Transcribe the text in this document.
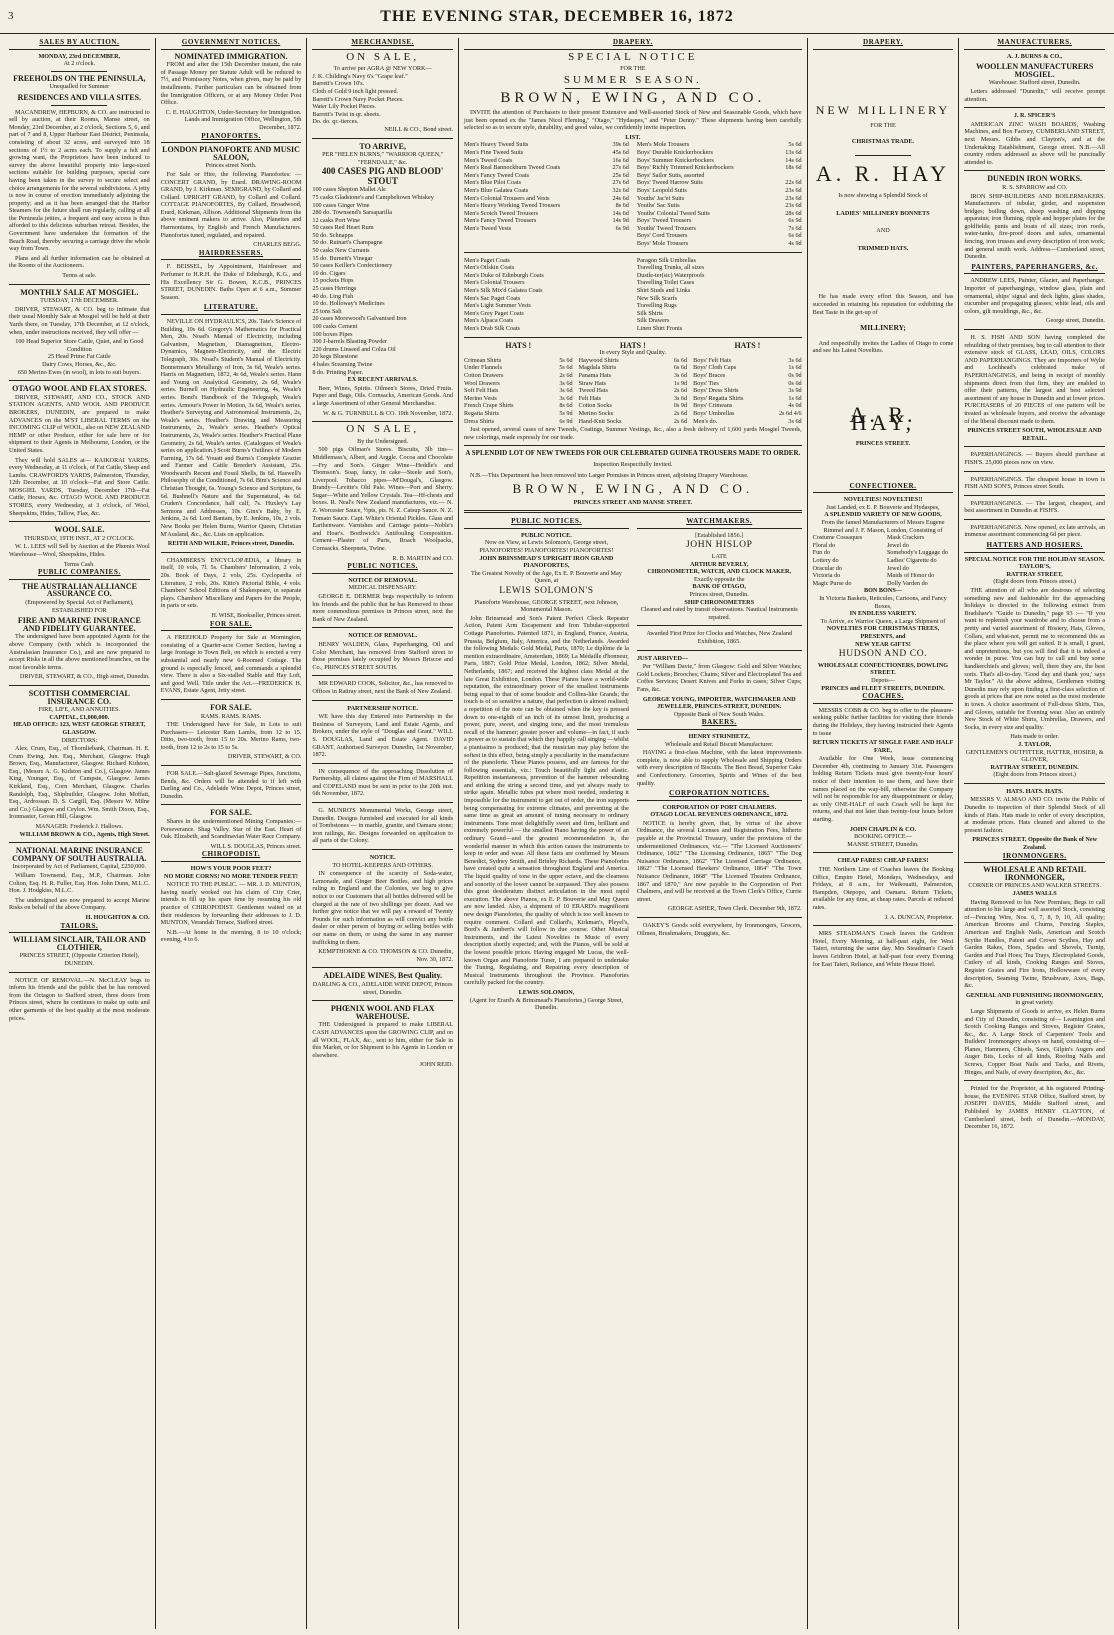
3	THE EVENING STAR, DECEMBER 16, 1872
SALES BY AUCTION.
MONDAY, 23rd DECEMBER,
At 2 o'clock.
FREEHOLDS ON THE PENINSULA,
Unequalled for Summer
RESIDENCES AND VILLA SITES.
MACANDREW, HEPBURN, & CO. are instructed to sell by auction, at their Rooms, Manse street, on Monday, 23rd December, at 2 o'clock, Sections 5, 6, and part of 7 and 8, Upper Harbour East District, Peninsula, consisting of about 32 acres, and surveyed into 18 sections of 1½ to 2 acres each. To supply a felt and growing want, the Proprietors have been induced to survey the above beautiful property into large-sized sections suitable for building purposes, special care having been taken in the survey to secure select and choice arrangements for the several subdivisions. A jetty is now in course of erection immediately adjoining the property; and as it has been arranged that the Harbor Steamers for the future shall run regularly, calling at all the Peninsula jetties, a frequent and easy access is thus afforded to this delicious suburban retreat. Besides, the Government have undertaken the formation of the Beach Road, thereby securing a carriage drive the whole way from Town.
Plans and all further information can be obtained at the Rooms of the Auctioneers.
Terms at sale.
MONTHLY SALE AT MOSGIEL.
TUESDAY, 17th DECEMBER.
DRIVER, STEWART, & CO. beg to intimate that their usual Monthly Sale at Mosgiel will be held at their Yards there, on Tuesday, 17th December, at 12 o'clock, when, under instructions received, they will offer —
100 Head Superior Store Cattle, Quiet, and in Good Condition
25 Head Prime Fat Cattle
Dairy Cows, Horses, &c., &c.
650 Merino Ewes (in wool), in lots to suit buyers.
OTAGO WOOL AND FLAX STORES.
DRIVER, STEWART, AND CO., STOCK AND STATION AGENTS, AND WOOL AND PRODUCE BROKERS, DUNEDIN, are prepared to make ADVANCES on the M'ST LIBERAL TERMS on the INCOMING CLIP of WOOL, also on NEW ZEALAND HEMP or other Produce, either for sale here or for shipment to their Agents in Melbourne, London, or the United States.
They will hold SALES at— KAIKORAI YARDS, every Wednesday, at 11 o'clock, of Fat Cattle, Sheep and Lambs. CRAWFORD'S YARDS, Palmerston, Thursday, 12th December, at 10 o'clock—Fat and Store Cattle. MOSGIEL YARDS, Tuesday, December 17th—Fat Cattle, Horses, &c. OTAGO WOOL AND PRODUCE STORES, every Wednesday, at 3 o'clock, of Wool, Sheepskins, Hides, Tallow, Flax, &c.
WOOL SALE.
THURSDAY, 19TH INST., AT 2 O'CLOCK.
W. L. LEES will Sell by Auction at the Phœnix Wool Warehouse—Wool, Sheepskins, Hides.
Terms Cash.
PUBLIC COMPANIES.
THE AUSTRALIAN ALLIANCE ASSURANCE CO.
(Empowered by Special Act of Parliament),
ESTABLISHED FOR
FIRE AND MARINE INSURANCE AND FIDELITY GUARANTEE.
The undersigned have been appointed Agents for the above Company (with which is incorporated the Australasian Insurance Co.), and are now prepared to accept Risks in all the above mentioned branches, on the most favorable terms.
DRIVER, STEWART, & CO., High street, Dunedin.
SCOTTISH COMMERCIAL INSURANCE CO.
FIRE, LIFE, AND ANNUITIES.
CAPITAL, £1,000,000.
HEAD OFFICE: 123, WEST GEORGE STREET, GLASGOW.
DIRECTORS:
Alex. Crum, Esq., of Thornliebank, Chairman. H. E. Crum Ewing, Jun. Esq., Merchant, Glasgow. Hugh Brown, Esq., Manufacturer, Glasgow. Richard Kidston, Esq., (Messrs A. G. Kidston and Co.), Glasgow. James King, Younger, Esq., of Campsie, Glasgow. James Kirkland, Esq., Corn Merchant, Glasgow. Charles Randolph, Esq., Shipbuilder, Glasgow. John Moffatt, Esq., Ardrossan. D. S. Cargill, Esq. (Messrs W. Milne and Co.) Glasgow and Ceylon. Wm. Smith Dixon, Esq., Ironmaster, Govan Hill, Glasgow.
MANAGER: Frederick J. Hallows.
WILLIAM BROWN & CO., Agents, High Street.
NATIONAL MARINE INSURANCE COMPANY OF SOUTH AUSTRALIA.
Incorporated by Act of Parliament, Capital, £250,000.
William Townsend, Esq., M.P., Chairman. John Colton, Esq. H. R. Fuller, Esq. Hon. John Dunn, M.L.C. Hon. J. Hodgkiss, M.L.C.
The undersigned are now prepared to accept Marine Risks on behalf of the above Company.
H. HOUGHTON & CO.
TAILORS.
WILLIAM SINCLAIR, TAILOR AND CLOTHIER,
PRINCES STREET, (Opposite Criterion Hotel), DUNEDIN.
NOTICE OF REMOVAL.—N. McCLEAY begs to inform his friends and the public that he has removed from the Octagon to Stafford street, three doors from Princes street, where he continues to make up suits and other garments of the best quality at the most moderate prices.
GOVERNMENT NOTICES.
NOMINATED IMMIGRATION.
FROM and after the 15th December instant, the rate of Passage Money per Statute Adult will be reduced to 7½, and Promissory Notes, when given, may be paid by installments. Further particulars can be obtained from the Immigration Officers, or at any Money Order Post Office.
C. E. HAUGHTON, Under-Secretary for Immigration. Lands and Immigration Office, Wellington, 5th December, 1872.
PIANOFORTES.
LONDON PIANOFORTE AND MUSIC SALOON,
Princes street North.
For Sale or Hire, the following Pianofortes: — CONCERT GRAND, by Erard. DRAWING-ROOM GRAND, by J. Kirkman. SEMIGRAND, by Collard and Collard. UPRIGHT GRAND, by Collard and Collard. COTTAGE PIANOFORTES, By Collard, Broadwood, Erard, Kirkman, Allison. Additional Shipments from the above eminent makers to arrive. Also, Planettes and Harmoniums, by English and French Manufacturers. Pianofortes tuned, regulated, and repaired.
CHARLES BEGG.
HAIRDRESSERS.
F. BEISSEL, by Appointment, Hairdresser and Perfumer to H.R.H. the Duke of Edinburgh, K.G., and His Excellency Sir G. Bowen, K.C.B., PRINCES STREET, DUNEDIN. Baths Open at 6 a.m., Summer Season.
LITERATURE.
NEVILLE ON HYDRAULICS, 20s. Tate's Science of Building, 10s 6d. Gregory's Mathematics for Practical Men, 20s. Noad's Manual of Electricity, including Galvanism, Magnetism, Diamagnetism, Electro-Dynamics, Magneto-Electricity, and the Electric Telegraph, 30s. Noad's Student's Manual of Electricity. Bonnerman's Metallurgy of Iron, 3s 6d, Weale's series. Harris on Magnetism, 1872, 4s 6d, Weale's series. Hann and Young on Analytical Geometry, 2s 6d, Weale's series. Burnell on Hydraulic Engineering, 4s, Weale's series. Bond's Handbook of the Telegraph, Weale's series. Armour's Power in Motion, 3s 6d, Weale's series. Heather's Surveying and Astronomical Instruments, 2s, Weale's series. Heather's Drawing and Measuring Instruments, 2s, Weale's series. Heather's Optical Instruments, 2s, Weale's series. Heather's Practical Plane Geometry, 2s 6d, Weale's series. (Catalogues of Weale's series on application.) Scott Burns's Outlines of Modern Farming, 17s 6d. Youatt and Burns's Complete Grazier and Farmer and Cattle Breeder's Assistant, 25s. Woodward's Recent and Fossil Shells, 8s 6d. Haswell's Philosophy of the Conditioned, 7s 6d. Bim's Science and Christian Thought, 6s. Young's Science and Scripture, 6s 6d. Bushnell's Nature and the Supernatural, 4s 6d. Cruden's Concordance, half calf, 7s. Huxley's Lay Sermons and Addresses, 10s. Ginx's Baby, by E. Jenkins, 2s 6d. Lord Bantam, by E. Jenkins, 10s, 2 vols. New Books per Helen Burns, Warrior Queen, Christian M'Ausland, &c., &c. Lists on application.
REITH AND WILKIE, Princes street, Dunedin.
CHAMBERS'S ENCYCLOPÆDIA, a library in itself, 10 vols, 7l. 5s. Chambers' Information, 2 vols, 20s. Book of Days, 2 vols, 25s. Cyclopædia of Literature, 2 vols, 20s. Kitto's Pictorial Bible, 4 vols. Chambers' School Editions of Shakespeare, in separate plays. Chambers' Miscellany and Papers for the People, in parts or sets.
H. WISE, Bookseller, Princes street.
FOR SALE.
A FREEHOLD Property for Sale at Mornington, consisting of a Quarter-acre Corner Section, having a large frontage to Town Belt, on which is erected a very substantial and nearly new 6-Roomed Cottage. The ground is especially fenced, and commands a splendid view. There is also a Six-stalled Stable and Hay Loft, and good Well. Title under the Act.—FREDERICK H. EVANS, Estate Agent, Jetty street.
FOR SALE.
RAMS. RAMS. RAMS.
THE Undersigned have for Sale, in Lots to suit Purchasers— Leicester Ram Lambs, from 12 to 15. Ditto, two-tooth, from 15 to 20s. Merino Rams, two-tooth, from 12 to 2s to 15 to 5s.
DRIVER, STEWART, & CO.
FOR SALE.—Salt-glazed Sewerage Pipes, Junctions, Bends, &c. Orders will be attended to if left with Darling and Co., Adelaide Wine Depot, Princes street, Dunedin.
FOR SALE.
Shares in the undermentioned Mining Companies:— Perseverance. Shag Valley. Star of the East. Heart of Oak. Elizabeth, and Scandinavian Water Race Company.
WILL S. DOUGLAS, Princes street.
CHIROPODIST.
HOW'S YOUR POOR FEET?
NO MORE CORNS! NO MORE TENDER FEET!
NOTICE TO THE PUBLIC. — MR. J. D. MUNTON, having nearly worked out his claim of City Crier, intends to fill up his spare time by resuming his old practice of CHIROPODIST. Gentlemen waited on at their residences by forwarding their addresses to J. D. MUNTON, Verandah Terrace, Stafford street.
N.B.—At home in the morning, 8 to 10 o'clock; evening, 4 to 6.
MERCHANDISE.
ON SALE,
To arrive per AGRA @ NEW YORK—
J. K. Childing's Navy 6's "Grape leaf."
Barrett's Crown 10's.
Cloth of Gold 9 inch light pressed.
Barrett's Crown Navy Pocket Pieces.
Water Lily Pocket Pieces.
Barrett's Twist in qr. sheets.
Do. do. qr.-tierces.
NEILL & CO., Bond street.
TO ARRIVE,
PER "HELEN BURNS," "WARRIOR QUEEN," "FERNDALE," &c.
400 CASES PIG AND BLOOD' STOUT
100 cases Shepton Mallet Ale
75 casks Gladstone's and Campbeltown Whiskey
100 cases Ginger Wine
280 do. Townsend's Sarsaparilla
12 casks Port Wine
50 cases Red Heart Rum
50 do. Schnapps
50 do. Ruinart's Champagne
50 casks New Currants
15 do. Burnett's Vinegar
50 cases Keiller's Confectionery
10 do. Cigars
15 pockets Hops
25 cases Herrings
40 do. Ling Fish
10 do. Holloway's Medicines
25 tons Salt
20 cases Morewood's Galvanised Iron
100 casks Cement
100 boxes Pipes
300 J-barrels Blasting Powder
220 drums Linseed and Colza Oil
20 kegs Bluestone
4 bales Sceaming Twine
8 do. Printing Paper.
EX RECENT ARRIVALS.
Beer, Wines, Spirits. Oilmen's Stores, Dried Fruits. Paper and Bags, Oils. Cornsacks, American Goods. And a large Assortment of other General Merchandise.
W. & G. TURNBULL & CO. 19th November, 1872.
ON SALE,
By the Undersigned.
500 pigs Oilman's Stores. Biscuits, 3lb tins—Middlemass's, Albert, and Arggle. Cocoa and Chocolate—Fry and Son's. Ginger Wine—Heddle's and Thomson's. Soap, fancy, in cake—Steele and Son's, Liverpool. Tobacco pipes—M'Dougal's, Glasgow. Brandy—Levitte's Old Pale. Wines—Port and Sherry. Sugar—White and Yellow Crystals. Tea—Hf-chests and boxes. R. Neal's New Zealand manufactures, viz.— N. Z. Worcester Sauce, ½pts, pts. N. Z. Catsup Sauce. N. Z. Tomato Sauce. Capt. White's Oriental Pickles. Glass and Earthenware. Varnishes and Carriage paints—Noble's and Hoar's. Borthwick's Antifouling Composition. Cement—Plaster of Paris, Roach Woolpacks, Cornsacks. Sheepnets, Twine.
R. B. MARTIN and CO.
PUBLIC NOTICES.
NOTICE OF REMOVAL.
MEDICAL DISPENSARY.
GEORGE E. DERMER begs respectfully to inform his friends and the public that he has Removed to those more commodious premises in Princes street, next the Bank of New Zealand.
NOTICE OF REMOVAL.
HENRY WALDEN, Glass, Paperhanging, Oil and Color Merchant, has removed from Stafford street to those premises lately occupied by Messrs Briscoe and Co., PRINCES STREET SOUTH.
MR EDWARD COOK, Solicitor, &c., has removed to Offices in Rattray street, next the Bank of New Zealand.
PARTNERSHIP NOTICE.
WE have this day Entered into Partnership in the Business of Surveyors, Land and Estate Agents, and Brokers, under the style of "Douglas and Grant." WILL S. DOUGLAS, Land and Estate Agent. DAVID GRANT, Authorised Surveyor. Dunedin, 1st November, 1872.
IN consequence of the approaching Dissolution of Partnership, all claims against the Firm of MARSHALL and COPELAND must be sent in prior to the 20th inst. 6th November, 1872.
G. MUNRO'S Monumental Works, George street, Dunedin. Designs furnished and executed for all kinds of Tombstones — in marble, granite, and Oamaru stone; iron railings, &c. Designs forwarded on application to all parts of the Colony.
NOTICE.
TO HOTEL-KEEPERS AND OTHERS.
IN consequence of the scarcity of Soda-water, Lemonade, and Ginger Beer Bottles, and high prices ruling in England and the Colonies, we beg to give notice to our Customers that all bottles delivered will be charged at the rate of two shillings per dozen. And we further give notice that we will pay a reward of Twenty Pounds for such information as will convict any bottle dealer or other person of buying or selling bottles with our name on them, or using the same in any manner trafficking in them.
KEMPTHORNE & CO. THOMSON & CO. Dunedin, Nov. 30, 1872.
ADELAIDE WINES, Best Quality.
DARLING & CO., ADELAIDE WINE DEPOT, Princes street, Dunedin.
PHŒNIX WOOL AND FLAX WAREHOUSE.
THE Undersigned is prepared to make LIBERAL CASH ADVANCES upon the GROWING CLIP, and on all WOOL, FLAX, &c., sent to him, either for Sale in this Market, or for Shipment to his Agents in London or elsewhere.
JOHN REID.
DRAPERY.
SPECIAL NOTICE
FOR THE
SUMMER SEASON.
BROWN, EWING, AND CO.
INVITE the attention of Purchasers to their present Extensive and Well-assorted Stock of New and Seasonable Goods, which have just been opened ex the "James Nicol Fleming," "Otago," "Hydaspes," and "Peter Denny." These shipments having been carefully selected so as to secure style, durability, and good value, we confidently invite inspection.
LIST.
Men's Heavy Tweed Suits	39s 6d
Men's Fine Tweed Suits	45s 6d
Men's Tweed Coats	16s 6d
Men's Real Bannockburn Tweed Coats	27s 6d
Men's Fancy Tweed Coats	25s 6d
Men's Blue Pilot Coats	27s 6d
Men's Blue Galatea Coats	32s 6d
Men's Colonial Trousers and Vests	24s 6d
Men's Heavy Working Tweed Trousers	8s 6d
Men's Scotch Tweed Trousers	14s 6d
Men's Fancy Tweed Trousers	14s 9d
Men's Tweed Vests	6s 9d
Men's Mole Trousers	5s 6d
Boys' Durable Knickerbockers	13s 6d
Boys' Summer Knickerbockers	14s 6d
Boys' Richly Trimmed Knickerbockers	18s 6d
Boys' Sailor Suits, assorted
Boys' Tweed Harrow Suits	22s 6d
Boys' Leopold Suits	23s 6d
Youths' Jac'et Suits	23s 6d
Youths' Sac Suits	23s 6d
Youths' Colonial Tweed Suits	28s 6d
Boys' Tweed Trousers	6s 9d
Youths' Tweed Trousers	7s 6d
Boys' Cord Trousers	6s 6d
Boys' Mole Trousers	4s 9d
Men's Paget Coats
Men's Oilskin Coats
Men's Duke of Edinburgh Coats
Men's Colonial Trousers
Men's Silk Mix'd Galatea Coats
Men's Sac Paget Coats
Men's Light Summer Vests
Men's Grey Paget Coats
Men's Alpaca Coats
Men's Drab Silk Coats
Paragon Silk Umbrellas
Travelling Trunks, all sizes
Dustle-ter(sic) Waterproofs
Travelling Toilet Cases
Shirt Studs and Links
New Silk Scarfs
Travelling Rugs
Silk Shirts
Silk Drawers
Linen Shirt Fronts
HATS !	HATS !	HATS !
In every Style and Quality.
Crimean Shirts	5s 6d
Under Flannels	5s 6d
Cotton Drawers	2s 6d
Wool Drawers	3s 6d
Soft Felt Hats	3s 6d
Merino Vests	3s 6d
French Crape Shirts	8s 6d
Regatta Shirts	5s 9d
Dress Shirts	6s 9d
Haywood Shirts	6s 6d
Magdala Shirts	6s 6d
Panama Hats	3s 6d
Straw Hats	1s 9d
Tweed Hats	2s 6d
Felt Hats	3s 6d
Cotton Socks	0s 9d
Merino Socks	2s 6d
Hand-Knit Socks	2s 6d
Boys' Felt Hats	3s 6d
Boys' Cloth Caps	1s 6d
Boys' Braces	0s 9d
Boys' Ties	0s 6d
Boys' Dress Shirts	3s 9d
Boys' Regatta Shirts	1s 6d
Boys' Crimeans	4s 0d
Boys' Umbrellas	2s 6d 4/6
Men's do.	3s 6d
Just opened, several cases of new Tweeds, Coatings, Summer Vestings, &c., also a fresh delivery of 1,600 yards Mosgiel Tweeds, new colorings, made expressly for our trade.
A SPLENDID LOT OF NEW TWEEDS FOR OUR CELEBRATED GUINEA TROUSERS MADE TO ORDER.
Inspection Respectfully Invited.
N.B.—This Department has been removed into Larger Premises in Princes street, adjoining Drapery Warehouse.
BROWN, EWING, AND CO.
PRINCES STREET AND MANSE STREET.
PUBLIC NOTICES.
PUBLIC NOTICE.
Now on View, at Lewis Solomon's, George street, PIANOFORTES! PIANOFORTES! PIANOFORTES!
JOHN BRINSMEAD'S UPRIGHT IRON GRAND PIANOFORTES,
The Greatest Novelty of the Age, Ex E. P. Bouverie and May Queen, at
LEWIS SOLOMON'S
Pianoforte Warehouse, GEORGE STREET, next Johnson, Monumental Mason.
John Brinsmead and Son's Patent Perfect Check Repeater Action, Patent Arm Escapement and Iron Tubular-supported Cottage Pianofortes. Patented 1871, in England, France, Austria, Prussia, Belgium, Italy, America, and the Netherlands. Awarded the following Medals: Gold Medal, Paris, 1870; Le diplôme de la mention extraordinaire, Amsterdam, 1869; La Médaille d'honneur, Paris, 1867; Gold Prize Medal, London, 1862; Silver Medal, Netherlands, 1867; and received the highest class Medal at the late Great Exhibition, London. These Pianos have a world-wide reputation, the extraordinary power of the smallest instruments being equal to that of some boudoir and Collins-like Grands; the touch is of so sensitive a nature, that perfection is almost realised; a repetition of the note can be obtained when the key is pressed down to one-eighth of an inch of its utmost limit, producing a power, pure, sweet, and singing tone, and the most tremulous recall of the hammer; greater power and volume—in fact, if such a power as to sustain that which they happily call singing —whilst a pianissimo is produced; that the musician may play before the softest in this effect, being simply a peculiarity in the manufacture of the pianoforte. These Pianos possess, and are famous for the following essentials, viz.: Touch beautifully light and elastic. Repetition instantaneous, prevention of the hammer rebounding and striking the string a second time, and yet always ready to strike again. Metallic tubes put where most needed, rendering it impossible for the instrument to get out of order, the iron supports being compensating for extreme climates, and preventing at the same time as great an amount of tuning necessary to ordinary instruments. Tone most delightfully sweet and firm, brilliant and extremely powerful — the smallest Piano having the power of an ordinary Grand—and the greatest recommendation is, the wonderful manner in which this action causes the instruments to keep in order and wear. All these facts are confirmed by Messrs Benedict, Sydney Smith, and Brinley Richards. These Pianofortes have created quite a sensation throughout England and America. The liquid quality of tone in the upper octave, and the clearness and sonority of the lower cannot be surpassed. They also possess this great desideratum distinct articulation in the most rapid execution. The above Pianos, ex E. P. Bouverie and May Queen are now landed. Also, a shipment of 10 ERARD's magnificent new design Pianofortes, the quality of which is too well known to require comment. Collard and Collard's, Kirkman's, Pleyel's, Bord's & Jambert's will follow in due course. Other Musical Instruments, and the Latest Novelties in Music of every description shortly expected; and, with the Pianos, will be sold at the lowest possible prices. Having engaged Mr Lucas, the well-known Organ and Pianoforte Tuner, I am prepared to undertake the Tuning, Regulating, and Repairing every description of Musical Instruments throughout the Province. Pianofortes carefully packed for the country.
LEWIS SOLOMON,
(Agent for Erard's & Brinsmead's Pianofortes,) George Street, Dunedin.
WATCHMAKERS.
[Established 1856.]
JOHN HISLOP
LATE
ARTHUR BEVERLY,
CHRONOMETER, WATCH, AND CLOCK MAKER,
Exactly opposite the
BANK OF OTAGO,
Princes street, Dunedin.
SHIP CHRONOMETERS
Cleaned and rated by transit observations. Nautical Instruments repaired.
Awarded First Prize for Clocks and Watches, New Zealand Exhibition, 1865.
JUST ARRIVED—
Per "William Davie," from Glasgow: Gold and Silver Watches; Gold Lockets; Brooches; Chains; Silver and Electroplated Tea and Coffee Services; Desert Knives and Forks in cases; Silver Cups; Fans, &c.
GEORGE YOUNG, IMPORTER, WATCHMAKER AND JEWELLER, PRINCES-STREET, DUNEDIN.
Opposite Bank of New South Wales.
BAKERS.
HENRY STRINHETZ,
Wholesale and Retail Biscuit Manufacturer.
HAVING a first-class Machine, with the latest improvements complete, is now able to supply Wholesale and Shipping Orders with every description of Biscuits. The Best Bread, Superior Cake and Confectionery. Groceries, Spirits and Wines of the best quality.
CORPORATION NOTICES.
CORPORATION OF PORT CHALMERS.
OTAGO LOCAL REVENUES ORDINANCE, 1872.
NOTICE is hereby given, that, by virtue of the above Ordinance, the several Licenses and Registration Fees, hitherto payable at the Provincial Treasury, under the provisions of the undermentioned Ordinances, viz.— "The Licensed Auctioneers' Ordinance, 1862" "The Licensing Ordinance, 1865" "The Dog Nuisance Ordinance, 1862" "The Licensed Carriage Ordinance, 1862" "The Licensed Hawkers' Ordinance, 1864" "The Town Nuisance Ordinance, 1868" "The Licensed Theatres Ordinance, 1867 and 1870," Are now payable to the Corporation of Port Chalmers, and will be received at the Town Clerk's Office, Currie street.
GEORGE ASHER, Town Clerk. December 9th, 1872.
OAKEY'S Goods sold everywhere, by Ironmongers, Grocers, Oilmen, Brushmakers, Druggists, &c.
DRAPERY.
NEW MILLINERY
FOR THE
CHRISTMAS TRADE.
A. R. HAY
Is now showing a Splendid Stock of
LADIES' MILLINERY BONNETS
AND
TRIMMED HATS.
He has made every effort this Season, and has succeeded in retaining his reputation for exhibiting the Best Taste in the get-up of
MILLINERY;
And respectfully invites the Ladies of Otago to come and see his Latest Novelties.
A. R. HAY,
PRINCES STREET.
CONFECTIONER.
NOVELTIES! NOVELTIES!!
Just Landed, ex E. P. Bouverie and Hydaspes,
A SPLENDID VARIETY OF NEW GOODS,
From the famed Manufacturers of Messrs Eugene Rimmel and J. F. Mason, London, Consisting of
Costume Cossaques
Floral do
Fun do
Lottery do
Oracular do
Victoria do
Magic Purse do
Mask Crackers
Jewel do
Somebody's Luggage do
Ladies' Cigarette do
Jewel do
Maids of Honor do
Dolly Varden do
BON BONS—
In Victoria Baskets, Reticules, Cartoons, and Fancy Boxes,
IN ENDLESS VARIETY.
To Arrive, ex Warrior Queen, a Large Shipment of
NOVELTIES FOR CHRISTMAS TREES, PRESENTS, and
NEW YEAR GIFTS!
HUDSON AND CO.
WHOLESALE CONFECTIONERS, DOWLING STREET.
Depots—
PRINCES and FLEET STREETS, DUNEDIN.
COACHES.
MESSRS COBB & CO. beg to offer to the pleasure-seeking public further facilities for visiting their friends during the Holidays, they having instructed their Agents to issue
RETURN TICKETS AT SINGLE FARE AND HALF FARE,
Available for One Week, issue commencing December 4th, continuing to January 31st. Passengers holding Return Tickets must give twenty-four hours' notice of their intention to use them, and have their names placed on the way-bill, otherwise the Company will not be responsible for any disappointment or delay, as only ONE-HALF of each Coach will be kept for returns, and that not later than twenty-four hours before starting.
JOHN CHAPLIN & CO.
BOOKING OFFICE—
MANSE STREET, Dunedin.
CHEAP FARES! CHEAP FARES!
THE Northern Line of Coaches leaves the Booking Office, Empire Hotel, Mondays, Wednesdays, and Fridays, at 8 a.m., for Waikouaiti, Palmerston, Hampden, Otepopo, and Oamaru. Return Tickets, available for any time, at cheap rates. Parcels at reduced rates.
J. A. DUNCAN, Proprietor.
MRS STEADMAN'S Coach leaves the Gridiron Hotel, Every Morning, at half-past eight, for West Taieri, returning the same day. Mrs Steadman's Coach leaves Gridiron Hotel, at half-past four every Evening for East Taieri, Reliance, and White House Hotel.
MANUFACTURERS.
A. J. BURNS & CO.,
WOOLLEN MANUFACTURERS MOSGIEL.
Warehouse: Stafford street, Dunedin.
Letters addressed "Dunedin," will receive prompt attention.
J. R. SPICER'S
AMERICAN ZINC WASH BOARDS, Washing Machines, and Box Factory, CUMBERLAND STREET, next Messrs. Gibbs and Clayton's, and at the Undertaking Establishment, George street. N.B.—All country orders addressed as above will be punctually attended to.
DUNEDIN IRON WORKS.
R. S. SPARROW and CO.
IRON SHIP-BUILDERS AND BOILERMAKERS. Manufacturers of tubular, girder, and suspension bridges; boiling down, sheep washing and dipping apparatus; iron fluming, ripple and hopper plates for the goldfields; punts and boats of all sizes; iron roofs, water-tanks, fire-proof doors and safes, ornamental fencing, iron trusses and every description of iron work; and general smith work. Address—Cumberland street, Dunedin.
PAINTERS, PAPERHANGERS, &c.
ANDREW LEES, Painter, Glazier, and Paperhanger. Importer of paperhangings, window glass, plain and ornamental, ships' signal and deck lights, glass shades, cucumber and propagating glasses; white lead, oils and colors, gilt mouldings, &c., &c.
George street, Dunedin.
H. S. FISH AND SON having completed the rebuilding of their premises, beg to call attention to their extensive stock of GLASS, LEAD, OILS, COLORS AND PAPERHANGINGS. They are Importers of Wylie and Lochhead's celebrated make of PAPERHANGINGS, and being in receipt of monthly shipments direct from that firm, they are enabled to offer their patterns, the largest and best selected assortment of any house in Dunedin and at lower prices. PURCHASERS of 20 PIECES of one pattern will be treated as wholesale buyers, and receive the advantage of the liberal discount made to them.
PRINCES STREET SOUTH, WHOLESALE AND RETAIL.
PAPERHANGINGS. — Buyers should purchase at FISH'S. 25,000 pieces now on view.
PAPERHANGINGS. The cheapest house in town is FISH AND SON'S, Princes street South.
PAPERHANGINGS. — The largest, cheapest, and best assortment in Dunedin at FISH'S.
PAPERHANGINGS. Now opened, ex late arrivals, an immense assortment commencing 6d per piece.
HATTERS AND HOSIERS.
SPECIAL NOTICE FOR THE HOLIDAY SEASON.
TAYLOR'S,
RATTRAY STREET,
(Eight doors from Princes street.)
THE attention of all who are desirous of selecting something new and fashionable for the approaching holidays is directed to the following extract from Bradshaw's "Guide to Dunedin," page 93 :— "If you want to replenish your wardrobe and to choose from a pretty and varied assortment of Hosiery, Hats, Gloves, Collars, and what-not, permit me to recommend this as the place where you will get suited. It is small, I grant, and unpretentious, but you will find that it is indeed a wonder in purse. You can buy to call and buy some handkerchiefs and gloves; well, there they are, the best sorts. That's all-to-day. 'Good day and thank you,' says Mr Taylor." At the above address, Gentlemen visiting Dunedin may rely upon finding a first-class selection of goods at prices that are now noted as the most moderate in town. A choice assortment of Full-dress Shirts, Ties, and Gloves, suitable for Evening wear. Also an entirely New Stock of White Shirts, Umbrellas, Drawers, and Socks, in every size and quality.
Hats made to order.
J. TAYLOR,
GENTLEMEN'S OUTFITTER, HATTER, HOSIER, & GLOVER,
RATTRAY STREET, DUNEDIN.
(Eight doors from Princes street.)
HATS. HATS. HATS.
MESSRS V. ALMAO AND CO. invite the Public of Dunedin to inspection of their Splendid Stock of all kinds of Hats. Hats made to order of every description, at moderate prices. Hats cleaned and altered to the present fashion.
PRINCES STREET, Opposite the Bank of New Zealand.
IRONMONGERS.
WHOLESALE AND RETAIL IRONMONGER,
CORNER OF PRINCES AND WALKER STREETS.
JAMES WALLS
Having Removed to his New Premises, Begs to call attention to his large and well assorted Stock, consisting of—Fencing Wire, Nos. 6, 7, 8, 9, 10, All quality; American Brooms and Churns, Fencing Staples, American and English Nails, American and Scotch Scythe Handles, Patent and Crown Scythes, Hay and Garden Rakes, Hoes, Spades and Shovels, Turnip, Garden and Fuel Hoes; Tea Trays, Electroplated Goods, Cutlery of all kinds, Cooking Ranges and Stoves, Register Grates and Fire Irons, Hollowware of every description, Seaming Twine, Brushware, Axes, Bags, &c.
GENERAL AND FURNISHING IRONMONGERY,
in great variety.
Large Shipments of Goods to arrive, ex Helen Burns and City of Dunedin, consisting of— Leamington and Scotch Cooking Ranges and Stoves, Register Grates, &c., &c. A Large Stock of Carpenters' Tools and Builders' Ironmongery always on hand, consisting of— Planes, Hammers, Chisels, Saws, Gilpin's Augers and Auger Bits, Locks of all kinds, Roofing Nails and Screws, Copper Boat Nails and Tacks, and Rivets, Hinges, and Nails, of every description, &c., &c.
Printed for the Proprietor, at his registered Printing-house, the EVENING STAR Office, Stafford street, by JOSEPH DAVIES, Middle Stafford street, and Published by JAMES HENRY CLAYTON, of Cumberland street, both of Dunedin.—MONDAY, December 16, 1872.
